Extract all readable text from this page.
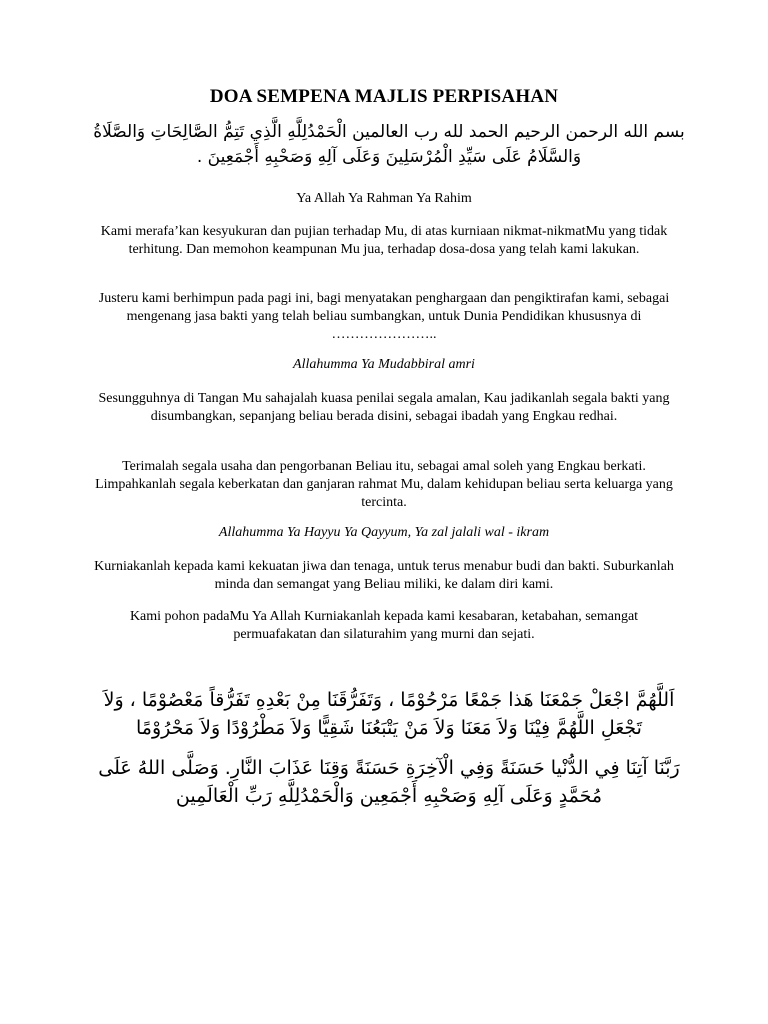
DOA SEMPENA MAJLIS PERPISAHAN
بسم الله الرحمن الرحيم الحمد لله رب العالمين الْحَمْدُلِلَّهِ الَّذِي تَتِمُّ الصَّالِحَاتِ وَالصَّلَاةُ وَالسَّلَامُ عَلَى سَيِّدِ الْمُرْسَلِينَ وَعَلَى آلِهِ وَصَحْبِهِ أَجْمَعِينَ .
Ya Allah Ya Rahman Ya Rahim
Kami merafa’kan kesyukuran dan pujian terhadap Mu, di atas kurniaan nikmat-nikmatMu yang tidak terhitung. Dan memohon keampunan Mu jua, terhadap dosa-dosa yang telah kami lakukan.
Justeru kami berhimpun pada pagi ini, bagi menyatakan penghargaan dan pengiktirafan kami, sebagai mengenang jasa bakti yang telah beliau sumbangkan, untuk Dunia Pendidikan khususnya di …………………..
Allahumma Ya Mudabbiral amri
Sesungguhnya di Tangan Mu sahajalah kuasa penilai segala amalan, Kau jadikanlah segala bakti yang disumbangkan, sepanjang beliau berada disini, sebagai ibadah yang Engkau redhai.
Terimalah segala usaha dan pengorbanan Beliau itu, sebagai amal soleh yang Engkau berkati. Limpahkanlah segala keberkatan dan ganjaran rahmat Mu, dalam kehidupan beliau serta keluarga yang tercinta.
Allahumma Ya Hayyu Ya Qayyum, Ya zal jalali wal - ikram
Kurniakanlah kepada kami kekuatan jiwa dan tenaga, untuk terus menabur budi dan bakti. Suburkanlah minda dan semangat yang Beliau miliki, ke dalam diri kami.
Kami pohon padaMu Ya Allah Kurniakanlah kepada kami kesabaran, ketabahan, semangat permuafakatan dan silaturahim yang murni dan sejati.
اَللَّهُمَّ اجْعَلْ جَمْعَنَا هَذا جَمْعًا مَرْحُوْمًا ، وَتَفَرُّقَنَا مِنْ بَعْدِهِ تَفَرُّقاً مَعْصُوْمًا ، وَلاَ تَجْعَلِ اللَّهُمَّ فِيْنَا وَلاَ مَعَنَا وَلاَ مَنْ يَتْبَعُنَا شَقِيًّا وَلاَ مَطْرُوْدًا وَلاَ مَحْرُوْمًا
رَبَّنَا آتِنَا فِي الدُّنْيا حَسَنَةً وَفِي الْآخِرَةِ حَسَنَةً وَقِنَا عَذَابَ النَّارِ. وَصَلَّى اللهُ عَلَى مُحَمَّدٍ وَعَلَى آلِهِ وَصَحْبِهِ أَجْمَعِين وَالْحَمْدُلِلَّهِ رَبِّ الْعَالَمِين
